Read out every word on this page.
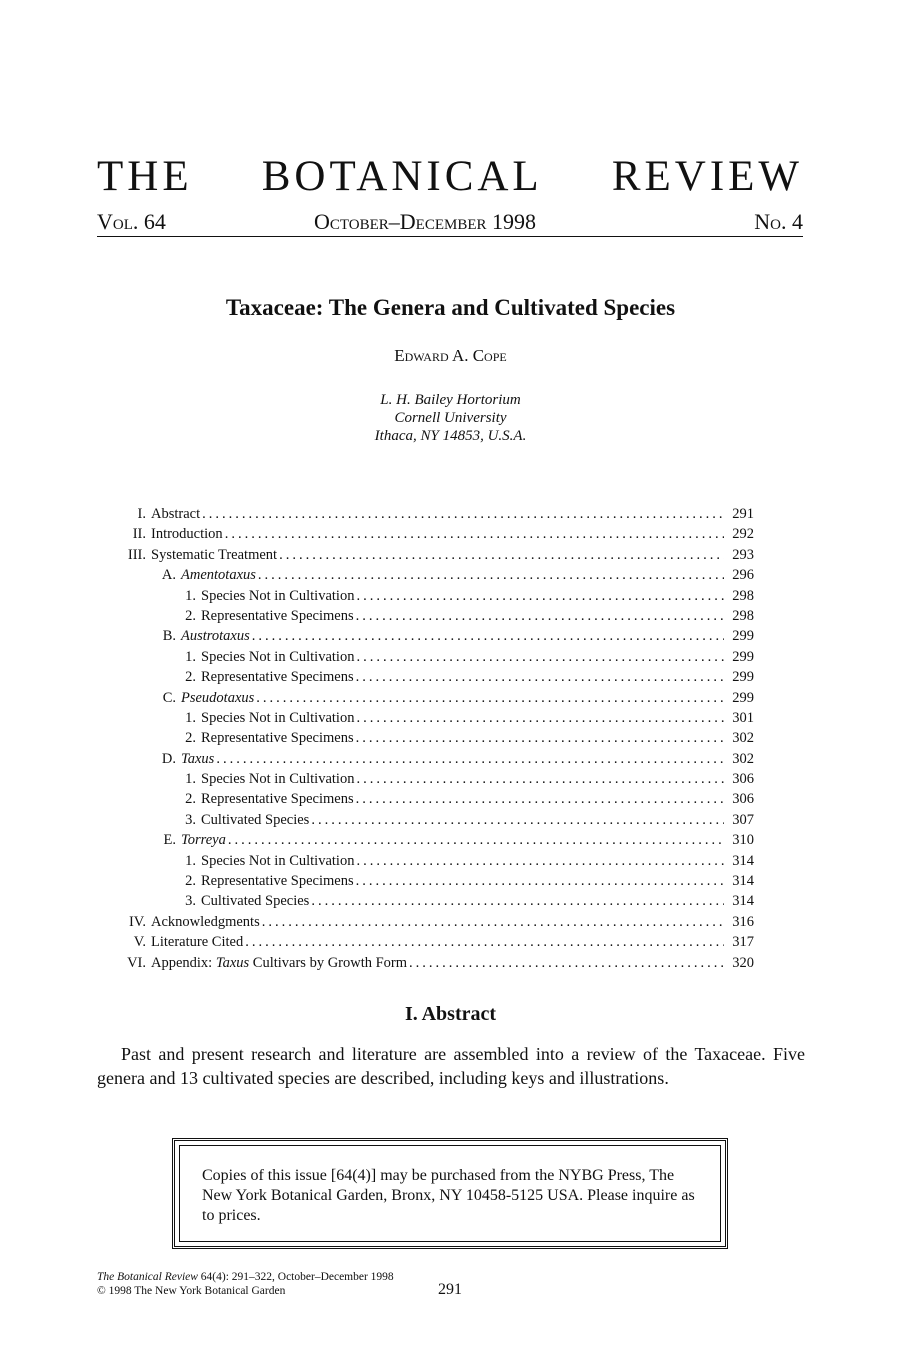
THE BOTANICAL REVIEW
Vol. 64	October–December 1998	No. 4
Taxaceae: The Genera and Cultivated Species
Edward A. Cope
L. H. Bailey Hortorium
Cornell University
Ithaca, NY 14853, U.S.A.
I. Abstract .....	291
II. Introduction .....	292
III. Systematic Treatment .....	293
A. Amentotaxus .....	296
1. Species Not in Cultivation .....	298
2. Representative Specimens .....	298
B. Austrotaxus .....	299
1. Species Not in Cultivation .....	299
2. Representative Specimens .....	299
C. Pseudotaxus .....	299
1. Species Not in Cultivation .....	301
2. Representative Specimens .....	302
D. Taxus .....	302
1. Species Not in Cultivation .....	306
2. Representative Specimens .....	306
3. Cultivated Species .....	307
E. Torreya .....	310
1. Species Not in Cultivation .....	314
2. Representative Specimens .....	314
3. Cultivated Species .....	314
IV. Acknowledgments .....	316
V. Literature Cited .....	317
VI. Appendix: Taxus Cultivars by Growth Form .....	320
I. Abstract
Past and present research and literature are assembled into a review of the Taxaceae. Five genera and 13 cultivated species are described, including keys and illustrations.
Copies of this issue [64(4)] may be purchased from the NYBG Press, The New York Botanical Garden, Bronx, NY 10458-5125 USA. Please inquire as to prices.
The Botanical Review 64(4): 291–322, October–December 1998
© 1998 The New York Botanical Garden	291
